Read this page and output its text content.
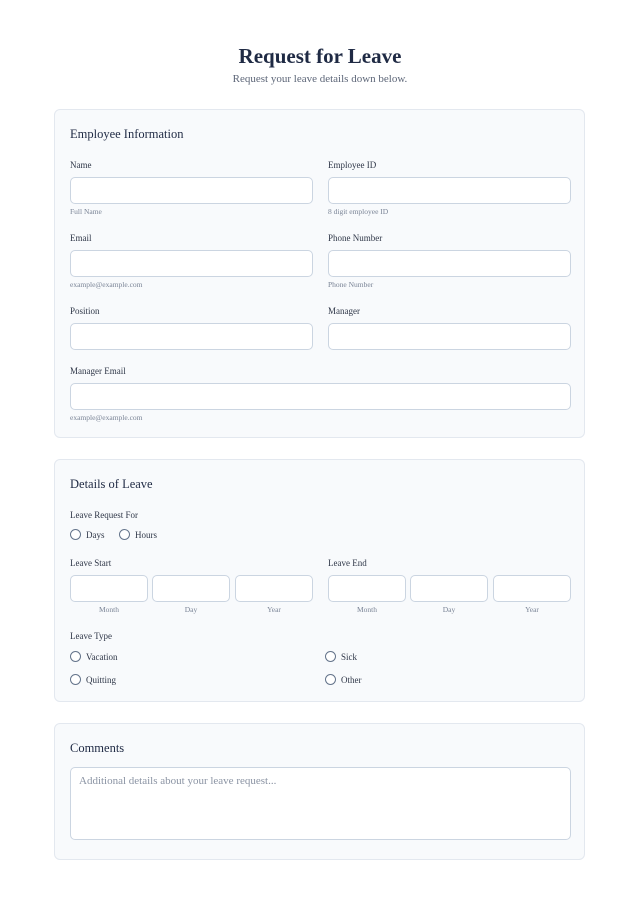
Request for Leave
Request your leave details down below.
Employee Information
Name
Full Name
Employee ID
8 digit employee ID
Email
example@example.com
Phone Number
Phone Number
Position	Manager
Manager Email
example@example.com
Details of Leave
Leave Request For
Days	Hours
Leave Start
Month	Day	Year
Leave End
Month	Day	Year
Leave Type
Vacation	Sick
Quitting	Other
Comments
Additional details about your leave request...
